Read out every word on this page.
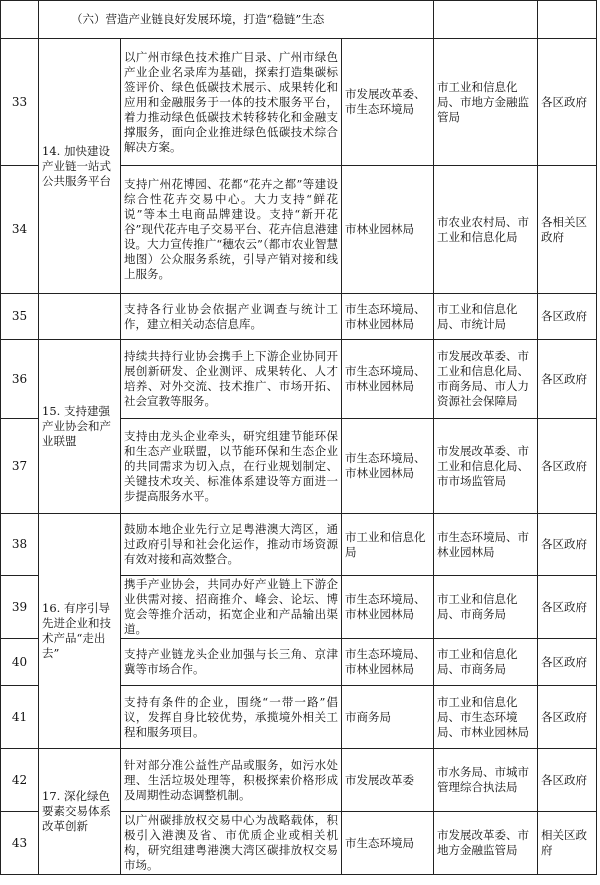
	（六）营造产业链良好发展环境，打造“稳链”生态				
33	14. 加快建设产业链一站式公共服务平台	以广州市绿色技术推广目录、广州市绿色产业企业名录库为基础，探索打造集碳标签评价、绿色低碳技术展示、成果转化和应用和金融服务于一体的技术服务平台，着力推动绿色低碳技术转移转化和金融支撑服务，面向企业推进绿色低碳技术综合解决方案。	市发展改革委、市生态环境局	市工业和信息化局、市地方金融监管局	各区政府
34		支持广州花博园、花都“花卉之都”等建设综合性花卉交易中心。大力支持“鲜花说”等本土电商品牌建设。支持“新开花谷”现代花卉电子交易平台、花卉信息港建设。大力宣传推广“穗农云”（都市农业智慧地图）公众服务系统，引导产销对接和线上服务。	市林业园林局	市农业农村局、市工业和信息化局	各相关区政府
35		支持各行业协会依据产业调查与统计工作，建立相关动态信息库。	市生态环境局、市林业园林局	市工业和信息化局、市统计局	各区政府
36	15. 支持建强产业协会和产业联盟	持续共持行业协会携手上下游企业协同开展创新研发、企业测评、成果转化、人才培养、对外交流、技术推广、市场开拓、社会宣教等服务。	市生态环境局、市林业园林局	市发展改革委、市工业和信息化局、市商务局、市人力资源社会保障局	各区政府
37		支持由龙头企业牵头，研究组建节能环保和生态产业联盟，以节能环保和生态企业的共同需求为切入点，在行业规划制定、关键技术攻关、标准体系建设等方面进一步提高服务水平。	市生态环境局、市林业园林局	市发展改革委、市工业和信息化局、市市场监管局	各区政府
38	16. 有序引导先进企业和技术产品“走出去”	鼓励本地企业先行立足粤港澳大湾区，通过政府引导和社会化运作，推动市场资源有效对接和高效整合。	市工业和信息化局	市生态环境局、市林业园林局	各区政府
39		携手产业协会，共同办好产业链上下游企业供需对接、招商推介、峰会、论坛、博览会等推介活动，拓宽企业和产品输出渠道。	市生态环境局、市林业园林局	市工业和信息化局、市商务局	各区政府
40		支持产业链龙头企业加强与长三角、京津冀等市场合作。	市生态环境局、市林业园林局	市工业和信息化局、市商务局	各区政府
41		支持有条件的企业，围绕“一带一路”倡议，发挥自身比较优势，承揽境外相关工程和服务项目。	市商务局	市工业和信息化局、市生态环境局、市林业园林局	各区政府
42	17. 深化绿色要素交易体系改革创新	针对部分准公益性产品或服务，如污水处理、生活垃圾处理等，积极探索价格形成及周期性动态调整机制。	市发展改革委	市水务局、市城市管理综合执法局	各区政府
43		以广州碳排放权交易中心为战略载体，积极引入港澳及省、市优质企业或相关机构，研究组建粤港澳大湾区碳排放权交易市场。	市生态环境局	市发展改革委、市地方金融监管局	相关区政府
